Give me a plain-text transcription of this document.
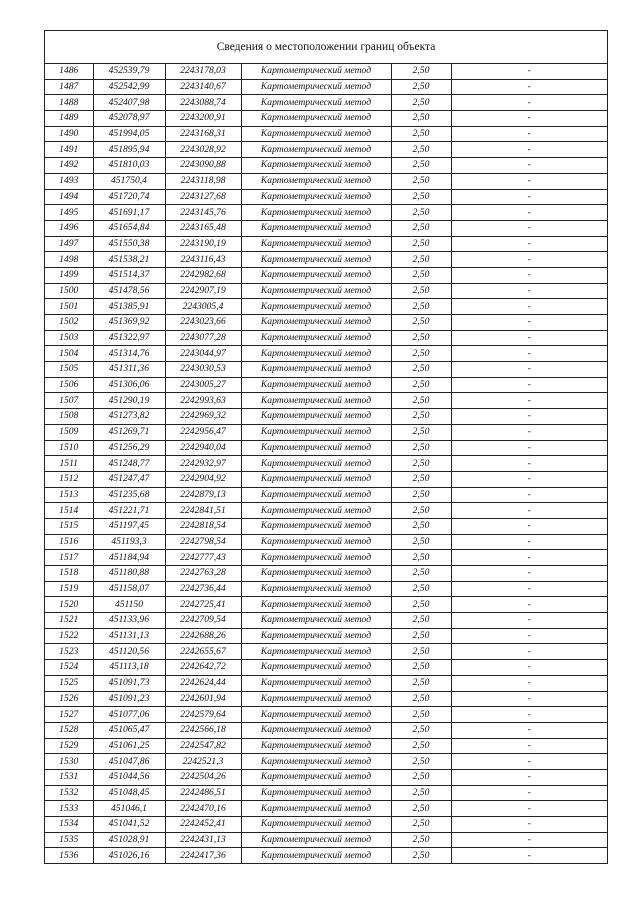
Сведения о местоположении границ объекта
1486	452539,79	2243178,03	Картометрический метод	2,50	-
1487	452542,99	2243140,67	Картометрический метод	2,50	-
1488	452407,98	2243088,74	Картометрический метод	2,50	-
1489	452078,97	2243200,91	Картометрический метод	2,50	-
1490	451994,05	2243168,31	Картометрический метод	2,50	-
1491	451895,94	2243028,92	Картометрический метод	2,50	-
1492	451810,03	2243090,88	Картометрический метод	2,50	-
1493	451750,4	2243118,98	Картометрический метод	2,50	-
1494	451720,74	2243127,68	Картометрический метод	2,50	-
1495	451691,17	2243145,76	Картометрический метод	2,50	-
1496	451654,84	2243165,48	Картометрический метод	2,50	-
1497	451550,38	2243190,19	Картометрический метод	2,50	-
1498	451538,21	2243116,43	Картометрический метод	2,50	-
1499	451514,37	2242982,68	Картометрический метод	2,50	-
1500	451478,56	2242907,19	Картометрический метод	2,50	-
1501	451385,91	2243005,4	Картометрический метод	2,50	-
1502	451369,92	2243023,66	Картометрический метод	2,50	-
1503	451322,97	2243077,28	Картометрический метод	2,50	-
1504	451314,76	2243044,97	Картометрический метод	2,50	-
1505	451311,36	2243030,53	Картометрический метод	2,50	-
1506	451306,06	2243005,27	Картометрический метод	2,50	-
1507	451290,19	2242993,63	Картометрический метод	2,50	-
1508	451273,82	2242969,32	Картометрический метод	2,50	-
1509	451269,71	2242956,47	Картометрический метод	2,50	-
1510	451256,29	2242940,04	Картометрический метод	2,50	-
1511	451248,77	2242932,97	Картометрический метод	2,50	-
1512	451247,47	2242904,92	Картометрический метод	2,50	-
1513	451235,68	2242879,13	Картометрический метод	2,50	-
1514	451221,71	2242841,51	Картометрический метод	2,50	-
1515	451197,45	2242818,54	Картометрический метод	2,50	-
1516	451193,3	2242798,54	Картометрический метод	2,50	-
1517	451184,94	2242777,43	Картометрический метод	2,50	-
1518	451180,88	2242763,28	Картометрический метод	2,50	-
1519	451158,07	2242736,44	Картометрический метод	2,50	-
1520	451150	2242725,41	Картометрический метод	2,50	-
1521	451133,96	2242709,54	Картометрический метод	2,50	-
1522	451131,13	2242688,26	Картометрический метод	2,50	-
1523	451120,56	2242655,67	Картометрический метод	2,50	-
1524	451113,18	2242642,72	Картометрический метод	2,50	-
1525	451091,73	2242624,44	Картометрический метод	2,50	-
1526	451091,23	2242601,94	Картометрический метод	2,50	-
1527	451077,06	2242579,64	Картометрический метод	2,50	-
1528	451065,47	2242566,18	Картометрический метод	2,50	-
1529	451061,25	2242547,82	Картометрический метод	2,50	-
1530	451047,86	2242521,3	Картометрический метод	2,50	-
1531	451044,56	2242504,26	Картометрический метод	2,50	-
1532	451048,45	2242486,51	Картометрический метод	2,50	-
1533	451046,1	2242470,16	Картометрический метод	2,50	-
1534	451041,52	2242452,41	Картометрический метод	2,50	-
1535	451028,91	2242431,13	Картометрический метод	2,50	-
1536	451026,16	2242417,36	Картометрический метод	2,50	-
